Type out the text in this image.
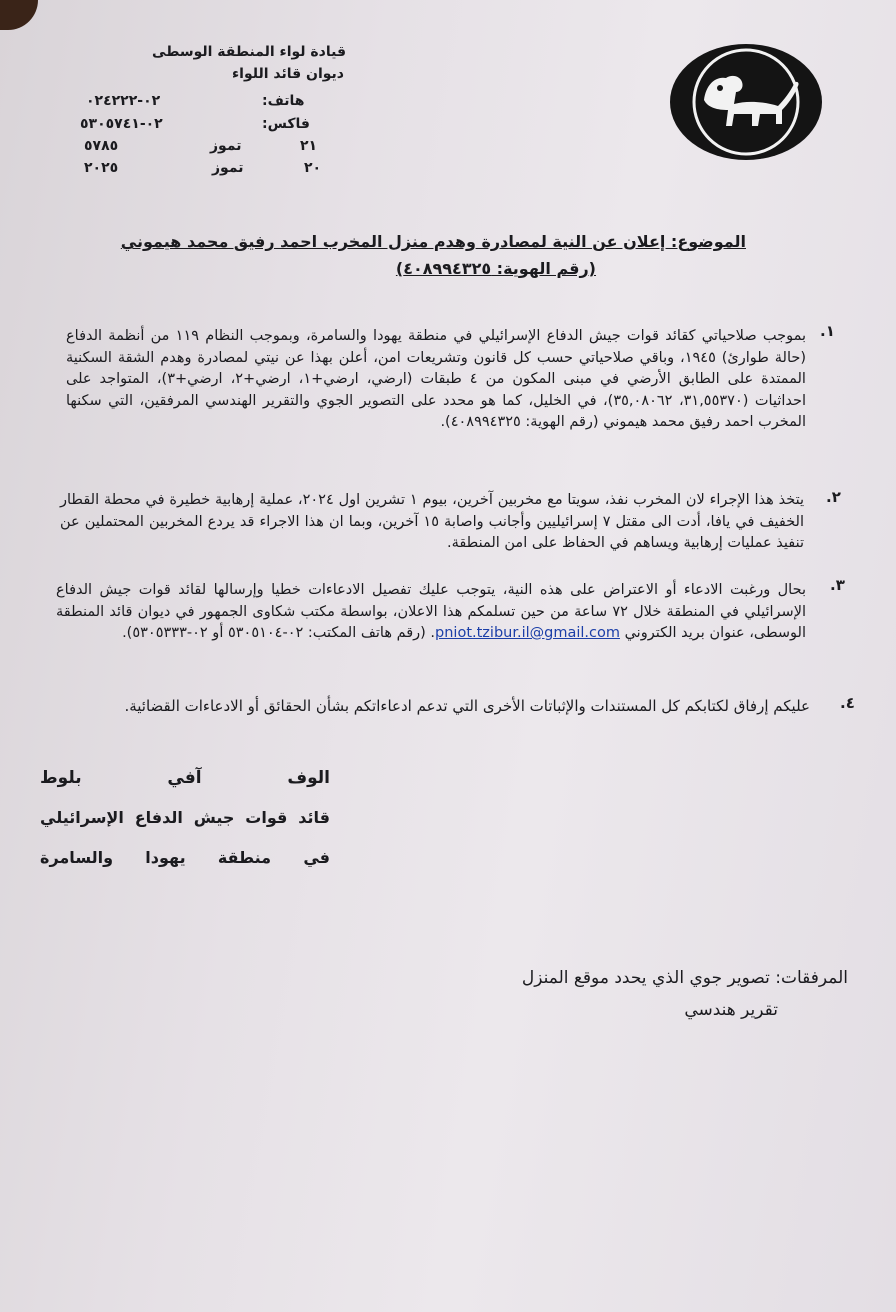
قيادة لواء المنطقة الوسطى
ديوان قائد اللواء
هاتف:
٠٢-٠٢٤٢٢٢
فاكس:
٠٢-٥٣٠٥٧٤١
٢١
تموز
٥٧٨٥
٢٠
تموز
٢٠٢٥
الموضوع: إعلان عن النية لمصادرة وهدم منزل المخرب احمد رفيق محمد هيموني
(رقم الهوية: ٤٠٨٩٩٤٣٢٥)
.١
بموجب صلاحياتي كقائد قوات جيش الدفاع الإسرائيلي في منطقة يهودا والسامرة، وبموجب النظام ١١٩ من أنظمة الدفاع (حالة طوارئ) ١٩٤٥، وباقي صلاحياتي حسب كل قانون وتشريعات امن، أعلن بهذا عن نيتي لمصادرة وهدم الشقة السكنية الممتدة على الطابق الأرضي في مبنى المكون من ٤ طبقات (ارضي، ارضي+١، ارضي+٢، ارضي+٣)، المتواجد على احداثيات (٣١,٥٥٣٧٠، ٣٥,٠٨٠٦٢)، في الخليل، كما هو محدد على التصوير الجوي والتقرير الهندسي المرفقين، التي سكنها المخرب احمد رفيق محمد هيموني (رقم الهوية: ٤٠٨٩٩٤٣٢٥).
.٢
يتخذ هذا الإجراء لان المخرب نفذ، سويتا مع مخربين آخرين، بيوم ١ تشرين اول ٢٠٢٤، عملية إرهابية خطيرة في محطة القطار الخفيف في يافا، أدت الى مقتل ٧ إسرائيليين وأجانب واصابة ١٥ آخرين، وبما ان هذا الاجراء قد يردع المخربين المحتملين عن تنفيذ عمليات إرهابية ويساهم في الحفاظ على امن المنطقة.
.٣
بحال ورغبت الادعاء أو الاعتراض على هذه النية، يتوجب عليك تفصيل الادعاءات خطيا وإرسالها لقائد قوات جيش الدفاع الإسرائيلي في المنطقة خلال ٧٢ ساعة من حين تسلمكم هذا الاعلان، بواسطة مكتب شكاوى الجمهور في ديوان قائد المنطقة الوسطى، عنوان بريد الكتروني pniot.tzibur.il@gmail.com. (رقم هاتف المكتب: ٠٢-٥٣٠٥١٠٤ أو ٠٢-٥٣٠٥٣٣٣).
.٤
عليكم إرفاق لكتابكم كل المستندات والإثباتات الأخرى التي تدعم ادعاءاتكم بشأن الحقائق أو الادعاءات القضائية.
الوف آفي بلوط
قائد قوات جيش الدفاع الإسرائيلي
في منطقة يهودا والسامرة
المرفقات: تصوير جوي الذي يحدد موقع المنزل
تقرير هندسي
